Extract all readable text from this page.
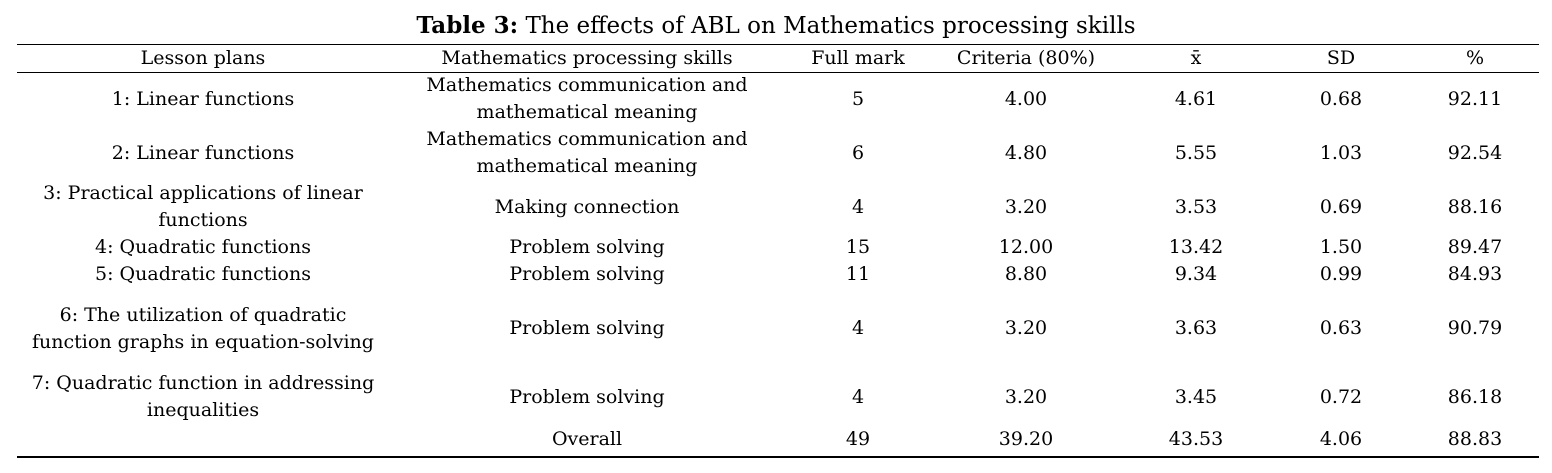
Table 3: The effects of ABL on Mathematics processing skills
Lesson plans	Mathematics processing skills	Full mark	Criteria (80%)	x̄	SD	%
1: Linear functions	Mathematics communication and mathematical meaning	5	4.00	4.61	0.68	92.11
2: Linear functions	Mathematics communication and mathematical meaning	6	4.80	5.55	1.03	92.54
3: Practical applications of linear functions	Making connection	4	3.20	3.53	0.69	88.16
4: Quadratic functions	Problem solving	15	12.00	13.42	1.50	89.47
5: Quadratic functions	Problem solving	11	8.80	9.34	0.99	84.93
6: The utilization of quadratic function graphs in equation-solving	Problem solving	4	3.20	3.63	0.63	90.79
7: Quadratic function in addressing inequalities	Problem solving	4	3.20	3.45	0.72	86.18
	Overall	49	39.20	43.53	4.06	88.83
